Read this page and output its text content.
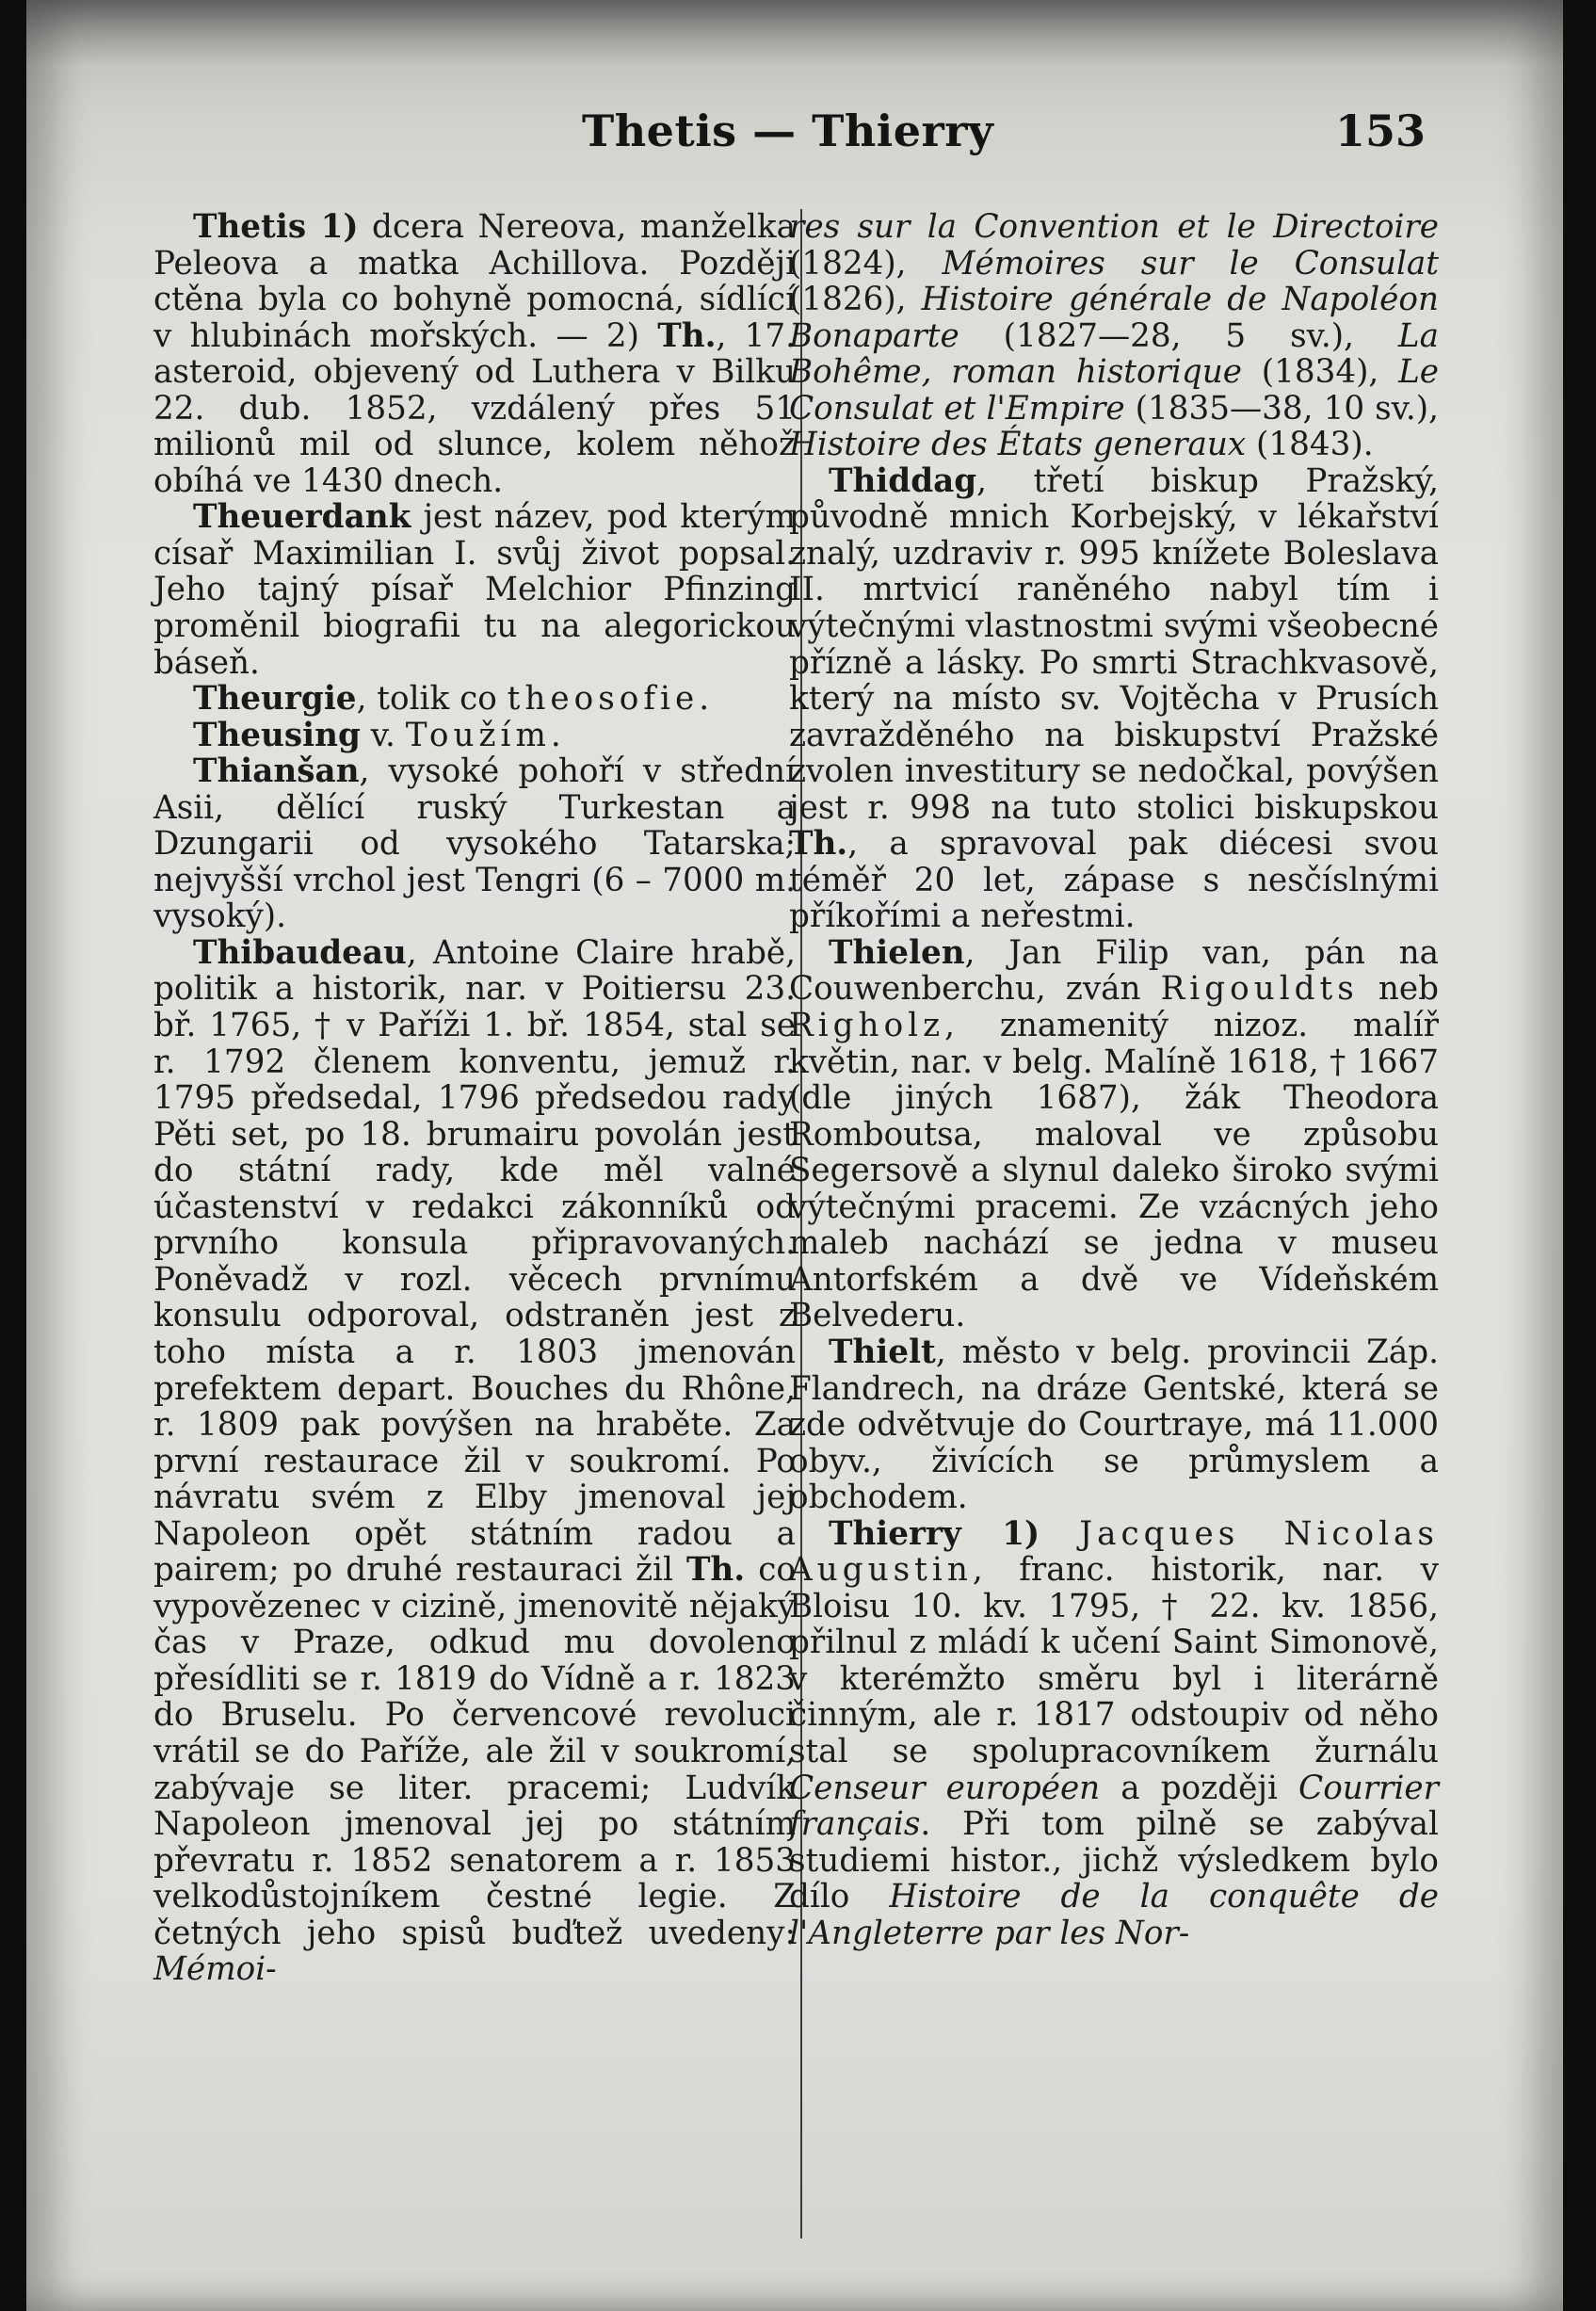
Thetis — Thierry	153

Thetis 1) dcera Nereova, manželka Peleova a matka Achillova. Později ctěna byla co bohyně pomocná, sídlící v hlubinách mořských. — 2) Th., 17. asteroid, objevený od Luthera v Bilku 22. dub. 1852, vzdálený přes 51 milionů mil od slunce, kolem něhož obíhá ve 1430 dnech.

Theuerdank jest název, pod kterým císař Maximilian I. svůj život popsal. Jeho tajný písař Melchior Pfinzing proměnil biografii tu na alegorickou báseň.

Theurgie, tolik co theosofie.

Theusing v. Toužím.

Thianšan, vysoké pohoří v střední Asii, dělící ruský Turkestan a Dzungarii od vysokého Tatarska; nejvyšší vrchol jest Tengri (6 – 7000 m. vysoký).

Thibaudeau, Antoine Claire hrabě, politik a historik, nar. v Poitiersu 23. bř. 1765, † v Paříži 1. bř. 1854, stal se r. 1792 členem konventu, jemuž r. 1795 předsedal, 1796 předsedou rady Pěti set, po 18. brumairu povolán jest do státní rady, kde měl valné účastenství v redakci zákonníků od prvního konsula připravovaných. Poněvadž v rozl. věcech prvnímu konsulu odporoval, odstraněn jest z toho místa a r. 1803 jmenován prefektem depart. Bouches du Rhône, r. 1809 pak povýšen na hraběte. Za první restaurace žil v soukromí. Po návratu svém z Elby jmenoval jej Napoleon opět státním radou a pairem; po druhé restauraci žil Th. co vypovězenec v cizině, jmenovitě nějaký čas v Praze, odkud mu dovoleno přesídliti se r. 1819 do Vídně a r. 1823 do Bruselu. Po červencové revoluci vrátil se do Paříže, ale žil v soukromí, zabývaje se liter. pracemi; Ludvík Napoleon jmenoval jej po státním převratu r. 1852 senatorem a r. 1853 velkodůstojníkem čestné legie. Z četných jeho spisů buďtež uvedeny: Mémoi-

res sur la Convention et le Directoire (1824), Mémoires sur le Consulat (1826), Histoire générale de Napoléon Bonaparte (1827—28, 5 sv.), La Bohême, roman historique (1834), Le Consulat et l'Empire (1835—38, 10 sv.), Histoire des États generaux (1843).

Thiddag, třetí biskup Pražský, původně mnich Korbejský, v lékařství znalý, uzdraviv r. 995 knížete Boleslava II. mrtvicí raněného nabyl tím i výtečnými vlastnostmi svými všeobecné přízně a lásky. Po smrti Strachkvasově, který na místo sv. Vojtěcha v Prusích zavražděného na biskupství Pražské zvolen investitury se nedočkal, povýšen jest r. 998 na tuto stolici biskupskou Th., a spravoval pak diécesi svou téměř 20 let, zápase s nesčíslnými příkořími a neřestmi.

Thielen, Jan Filip van, pán na Couwenberchu, zván Rigouldts neb Righolz, znamenitý nizoz. malíř květin, nar. v belg. Malíně 1618, † 1667 (dle jiných 1687), žák Theodora Romboutsa, maloval ve způsobu Segersově a slynul daleko široko svými výtečnými pracemi. Ze vzácných jeho maleb nachází se jedna v museu Antorfském a dvě ve Vídeňském Belvederu.

Thielt, město v belg. provincii Záp. Flandrech, na dráze Gentské, která se zde odvětvuje do Courtraye, má 11.000 obyv., živících se průmyslem a obchodem.

Thierry 1) Jacques Nicolas Augustin, franc. historik, nar. v Bloisu 10. kv. 1795, † 22. kv. 1856, přilnul z mládí k učení Saint Simonově, v kterémžto směru byl i literárně činným, ale r. 1817 odstoupiv od něho stal se spolupracovníkem žurnálu Censeur européen a později Courrier français. Při tom pilně se zabýval studiemi histor., jichž výsledkem bylo dílo Histoire de la conquête de l'Angleterre par les Nor-
